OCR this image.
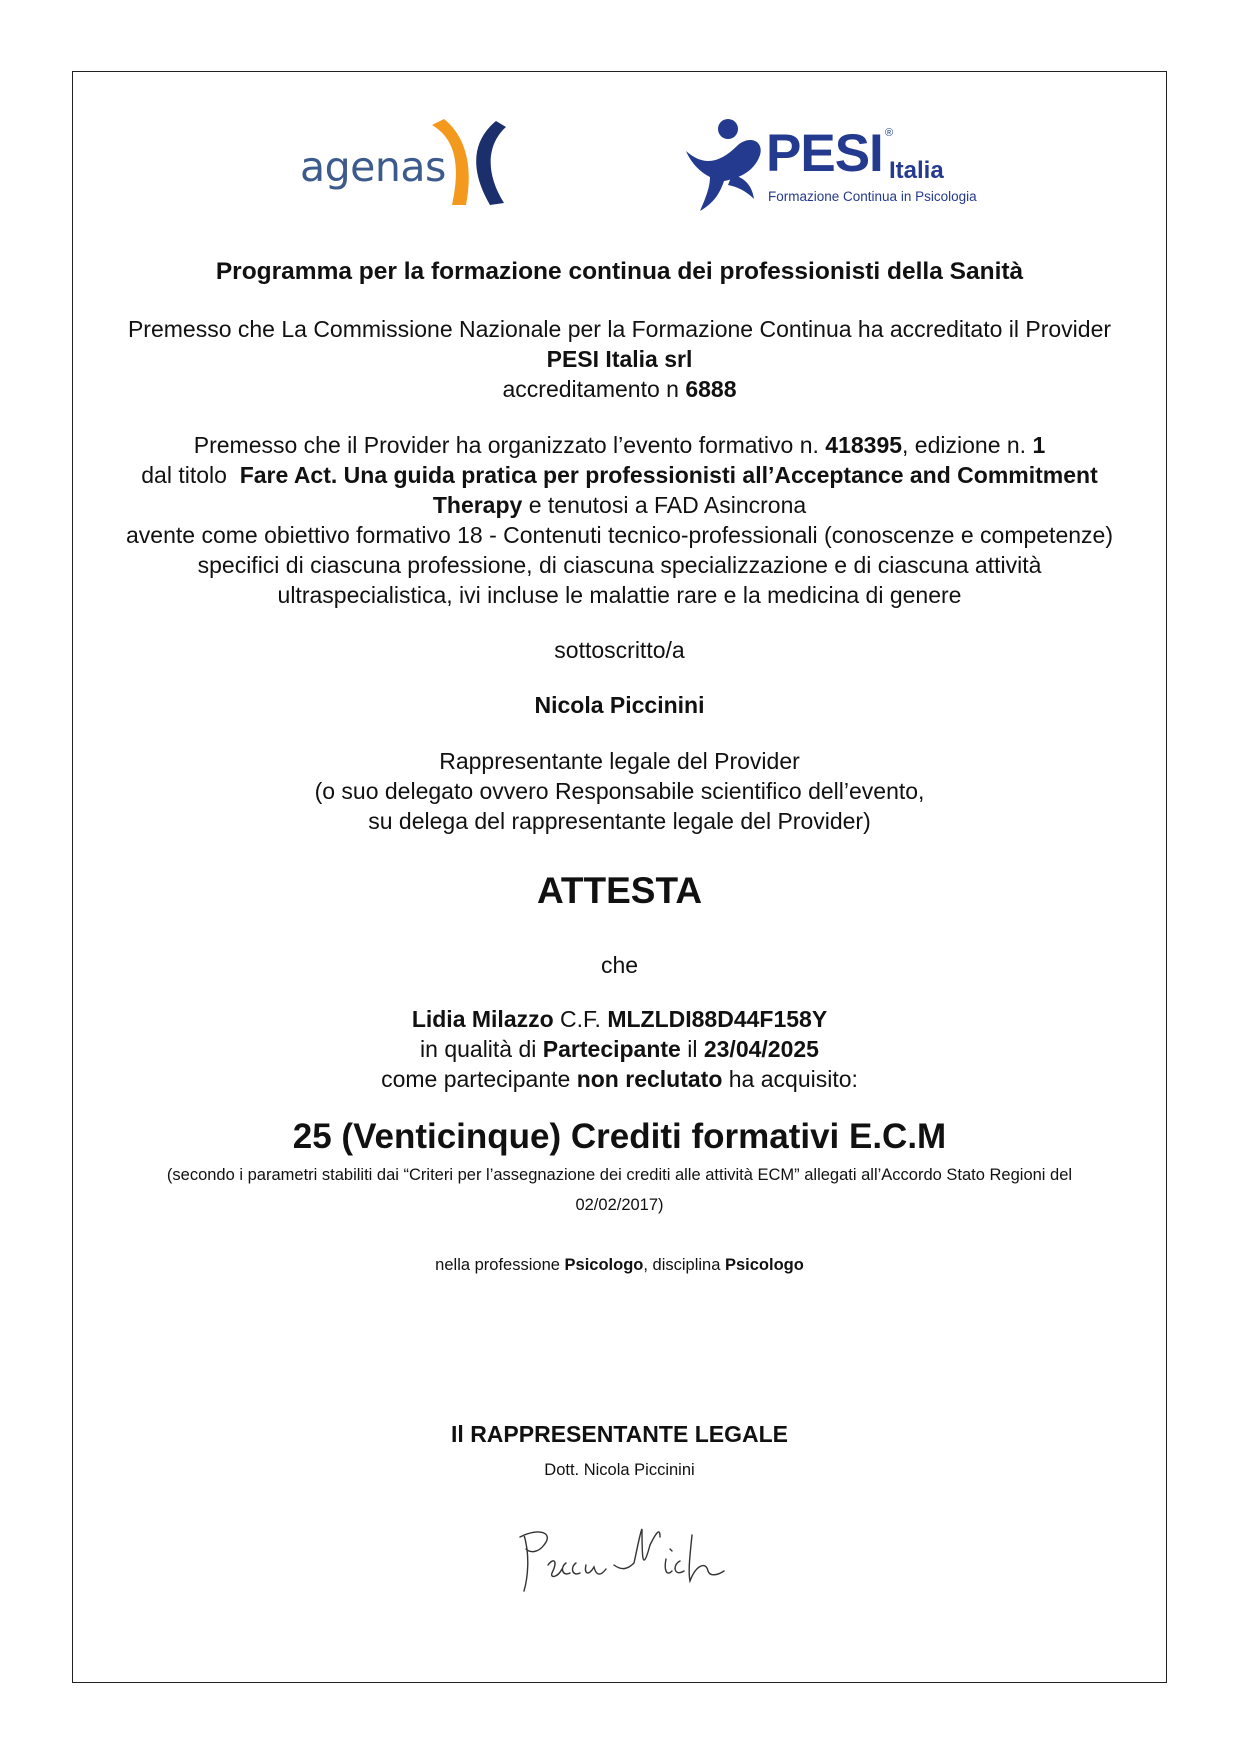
agenas	PESI ®
Italia
Formazione Continua in Psicologia
Programma per la formazione continua dei professionisti della Sanità
Premesso che La Commissione Nazionale per la Formazione Continua ha accreditato il Provider
PESI Italia srl
accreditamento n 6888
Premesso che il Provider ha organizzato l’evento formativo n. 418395, edizione n. 1
dal titolo  Fare Act. Una guida pratica per professionisti all’Acceptance and Commitment
Therapy e tenutosi a FAD Asincrona
avente come obiettivo formativo 18 - Contenuti tecnico-professionali (conoscenze e competenze)
specifici di ciascuna professione, di ciascuna specializzazione e di ciascuna attività
ultraspecialistica, ivi incluse le malattie rare e la medicina di genere
sottoscritto/a
Nicola Piccinini
Rappresentante legale del Provider
(o suo delegato ovvero Responsabile scientifico dell’evento,
su delega del rappresentante legale del Provider)
ATTESTA
che
Lidia Milazzo C.F. MLZLDI88D44F158Y
in qualità di Partecipante il 23/04/2025
come partecipante non reclutato ha acquisito:
25 (Venticinque) Crediti formativi E.C.M
(secondo i parametri stabiliti dai “Criteri per l’assegnazione dei crediti alle attività ECM” allegati all’Accordo Stato Regioni del
02/02/2017)
nella professione Psicologo, disciplina Psicologo
Il RAPPRESENTANTE LEGALE
Dott. Nicola Piccinini
